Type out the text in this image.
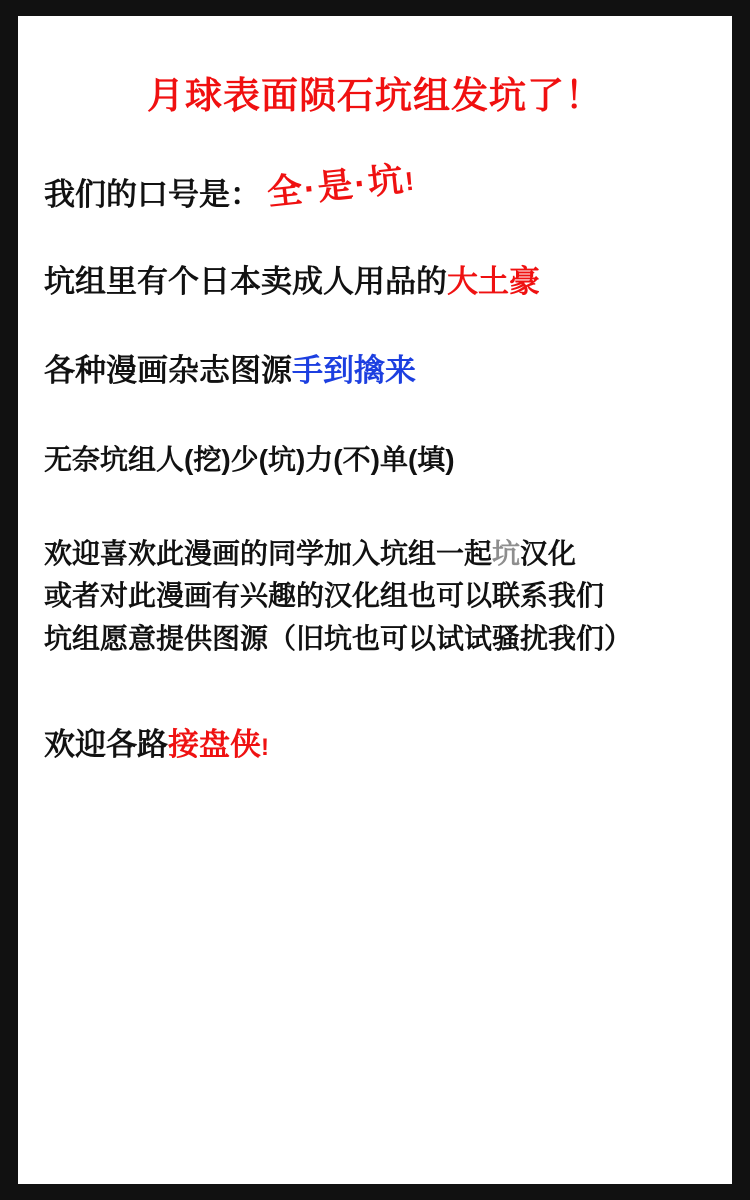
月球表面陨石坑组发坑了！
我们的口号是： 全·是·坑!
坑组里有个日本卖成人用品的大土豪
各种漫画杂志图源手到擒来
无奈坑组人(挖)少(坑)力(不)单(填)
欢迎喜欢此漫画的同学加入坑组一起坑汉化
或者对此漫画有兴趣的汉化组也可以联系我们
坑组愿意提供图源（旧坑也可以试试骚扰我们）
欢迎各路接盘侠!
